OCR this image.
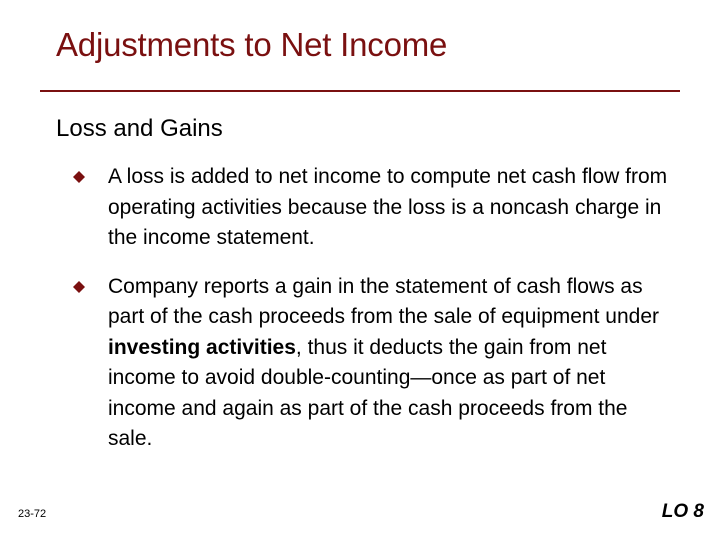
Adjustments to Net Income
Loss and Gains
A loss is added to net income to compute net cash flow from operating activities because the loss is a noncash charge in the income statement.
Company reports a gain in the statement of cash flows as part of the cash proceeds from the sale of equipment under investing activities, thus it deducts the gain from net income to avoid double-counting—once as part of net income and again as part of the cash proceeds from the sale.
23-72	LO 8
